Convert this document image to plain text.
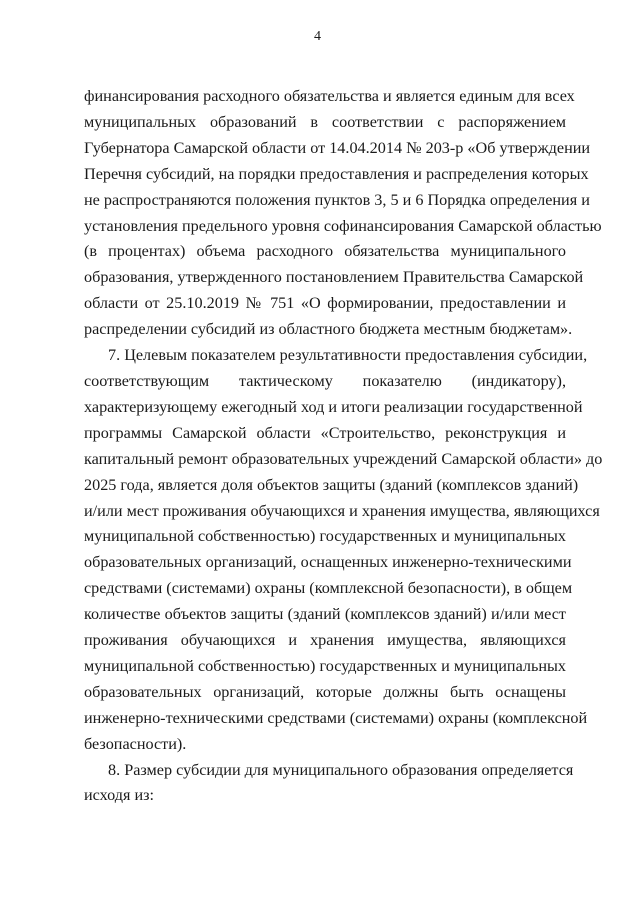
4
финансирования расходного обязательства и является единым для всех
муниципальных образований в соответствии с распоряжением
Губернатора Самарской области от 14.04.2014 № 203-р «Об утверждении
Перечня субсидий, на порядки предоставления и распределения которых
не распространяются положения пунктов 3, 5 и 6 Порядка определения и
установления предельного уровня софинансирования Самарской областью
(в процентах) объема расходного обязательства муниципального
образования, утвержденного постановлением Правительства Самарской
области от 25.10.2019 № 751 «О формировании, предоставлении и
распределении субсидий из областного бюджета местным бюджетам».
7. Целевым показателем результативности предоставления субсидии,
соответствующим тактическому показателю (индикатору),
характеризующему ежегодный ход и итоги реализации государственной
программы Самарской области «Строительство, реконструкция и
капитальный ремонт образовательных учреждений Самарской области» до
2025 года, является доля объектов защиты (зданий (комплексов зданий)
и/или мест проживания обучающихся и хранения имущества, являющихся
муниципальной собственностью) государственных и муниципальных
образовательных организаций, оснащенных инженерно-техническими
средствами (системами) охраны (комплексной безопасности), в общем
количестве объектов защиты (зданий (комплексов зданий) и/или мест
проживания обучающихся и хранения имущества, являющихся
муниципальной собственностью) государственных и муниципальных
образовательных организаций, которые должны быть оснащены
инженерно-техническими средствами (системами) охраны (комплексной
безопасности).
8. Размер субсидии для муниципального образования определяется
исходя из:
